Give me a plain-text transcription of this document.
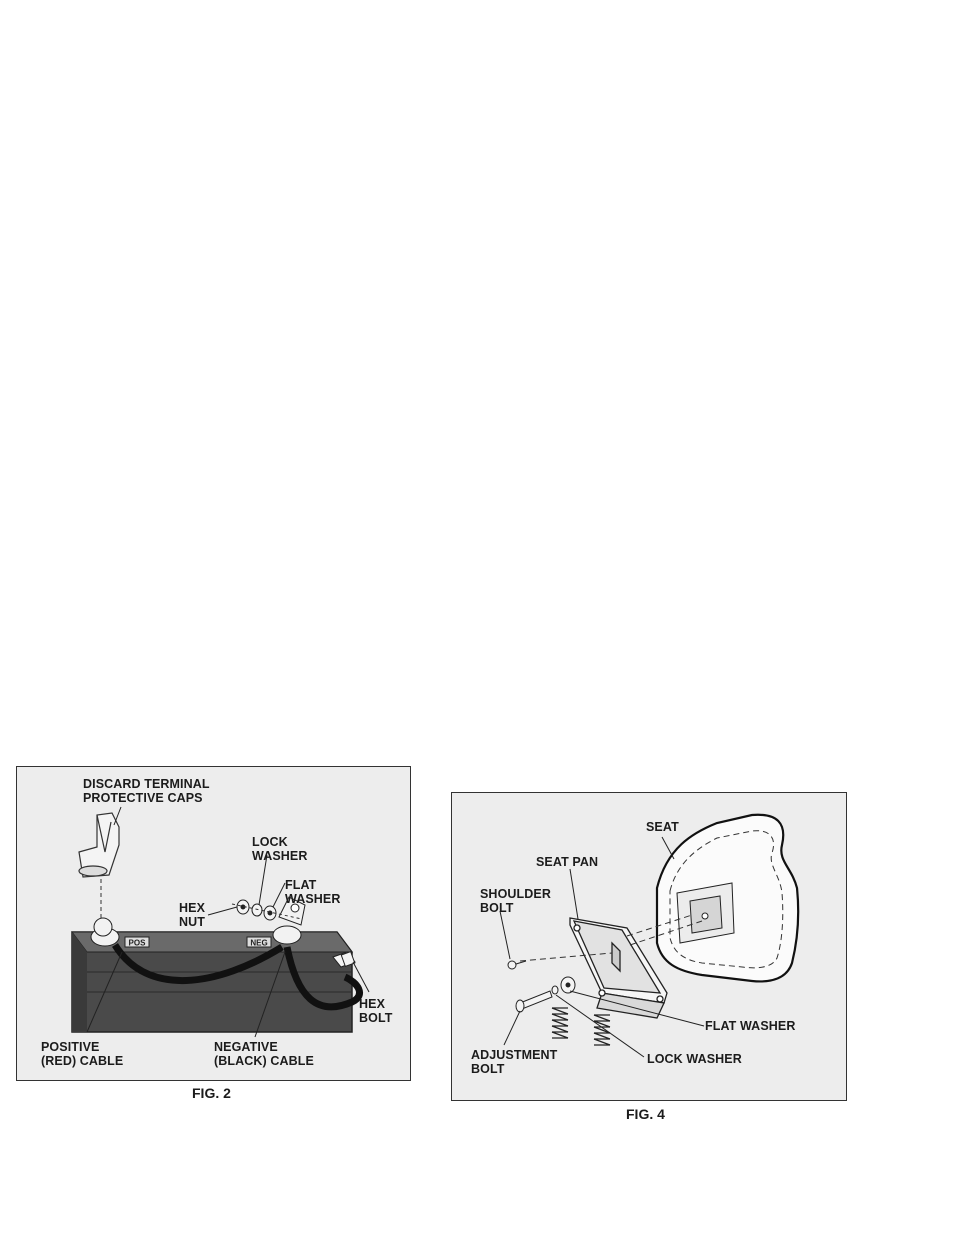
POS	NEG
DISCARD TERMINAL
PROTECTIVE CAPS
LOCK
WASHER
FLAT
WASHER
HEX
NUT
HEX
BOLT
POSITIVE
(RED) CABLE
NEGATIVE
(BLACK) CABLE
FIG. 2
SEAT
SEAT PAN
SHOULDER
BOLT
FLAT WASHER
ADJUSTMENT
BOLT
LOCK WASHER
FIG. 4
